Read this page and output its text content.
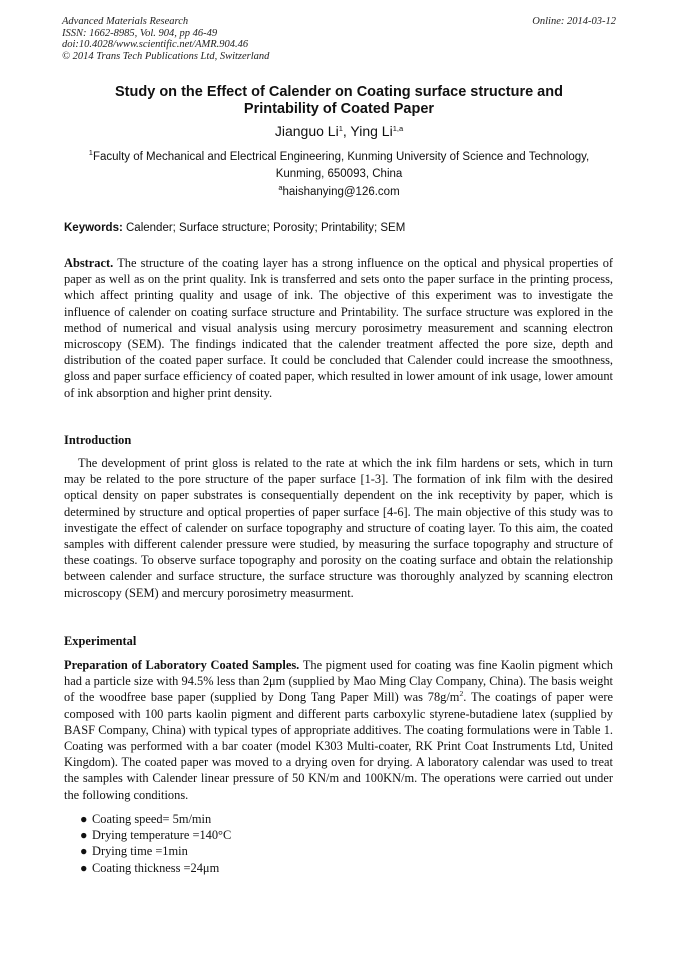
Advanced Materials Research
ISSN: 1662-8985, Vol. 904, pp 46-49
doi:10.4028/www.scientific.net/AMR.904.46
© 2014 Trans Tech Publications Ltd, Switzerland
Online: 2014-03-12
Study on the Effect of Calender on Coating surface structure and
Printability of Coated Paper
Jianguo Li$^1$, Ying Li$^{1,a}$
$^1$Faculty of Mechanical and Electrical Engineering, Kunming University of Science and Technology,
Kunming, 650093, China
$^a$haishanying@126.com
Keywords: Calender; Surface structure; Porosity; Printability; SEM
Abstract. The structure of the coating layer has a strong influence on the optical and physical properties of paper as well as on the print quality. Ink is transferred and sets onto the paper surface in the printing process, which affect printing quality and usage of ink. The objective of this experiment was to investigate the influence of calender on coating surface structure and Printability. The surface structure was explored in the method of numerical and visual analysis using mercury porosimetry measurement and scanning electron microscopy (SEM). The findings indicated that the calender treatment affected the pore size, depth and distribution of the coated paper surface. It could be concluded that Calender could increase the smoothness, gloss and paper surface efficiency of coated paper, which resulted in lower amount of ink usage, lower amount of ink absorption and higher print density.
Introduction
The development of print gloss is related to the rate at which the ink film hardens or sets, which in turn may be related to the pore structure of the paper surface [1-3]. The formation of ink film with the desired optical density on paper substrates is consequentially dependent on the ink receptivity by paper, which is determined by structure and optical properties of paper surface [4-6]. The main objective of this study was to investigate the effect of calender on surface topography and structure of coating layer. To this aim, the coated samples with different calender pressure were studied, by measuring the surface topography and structure of these coatings. To observe surface topography and porosity on the coating surface and obtain the relationship between calender and surface structure, the surface structure was thoroughly analyzed by scanning electron microscopy (SEM) and mercury porosimetry measurment.
Experimental
Preparation of Laboratory Coated Samples. The pigment used for coating was fine Kaolin pigment which had a particle size with 94.5% less than 2μm (supplied by Mao Ming Clay Company, China). The basis weight of the woodfree base paper (supplied by Dong Tang Paper Mill) was $78g/m^2$. The coatings of paper were composed with 100 parts kaolin pigment and different parts carboxylic styrene-butadiene latex (supplied by BASF Company, China) with typical types of appropriate additives. The coating formulations were in Table 1. Coating was performed with a bar coater (model K303 Multi-coater, RK Print Coat Instruments Ltd, United Kingdom). The coated paper was moved to a drying oven for drying. A laboratory calendar was used to treat the samples with Calender linear pressure of 50 KN/m and 100KN/m. The operations were carried out under the following conditions.
● Coating speed= 5m/min
● Drying temperature =140°C
● Drying time =1min
● Coating thickness =24μm
